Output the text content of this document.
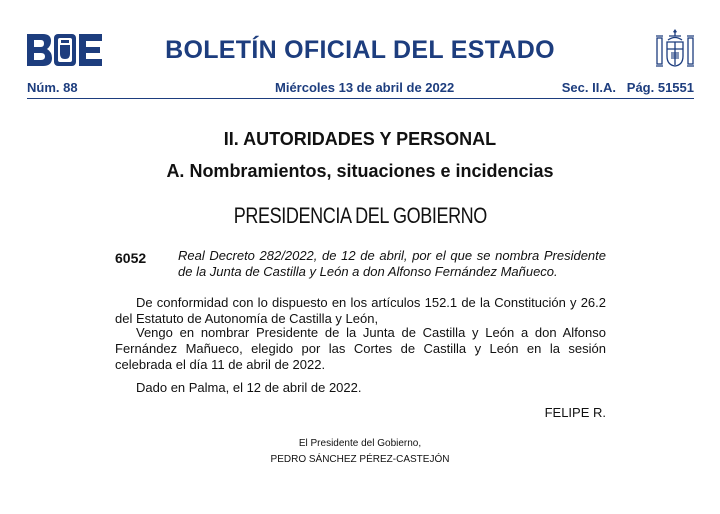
BOLETÍN OFICIAL DEL ESTADO
Núm. 88	Miércoles 13 de abril de 2022	Sec. II.A.   Pág. 51551
II. AUTORIDADES Y PERSONAL
A. Nombramientos, situaciones e incidencias
PRESIDENCIA DEL GOBIERNO
6052 Real Decreto 282/2022, de 12 de abril, por el que se nombra Presidente de la Junta de Castilla y León a don Alfonso Fernández Mañueco.

De conformidad con lo dispuesto en los artículos 152.1 de la Constitución y 26.2 del Estatuto de Autonomía de Castilla y León,

Vengo en nombrar Presidente de la Junta de Castilla y León a don Alfonso Fernández Mañueco, elegido por las Cortes de Castilla y León en la sesión celebrada el día 11 de abril de 2022.

Dado en Palma, el 12 de abril de 2022.

FELIPE R.
El Presidente del Gobierno,
PEDRO SÁNCHEZ PÉREZ-CASTEJÓN
